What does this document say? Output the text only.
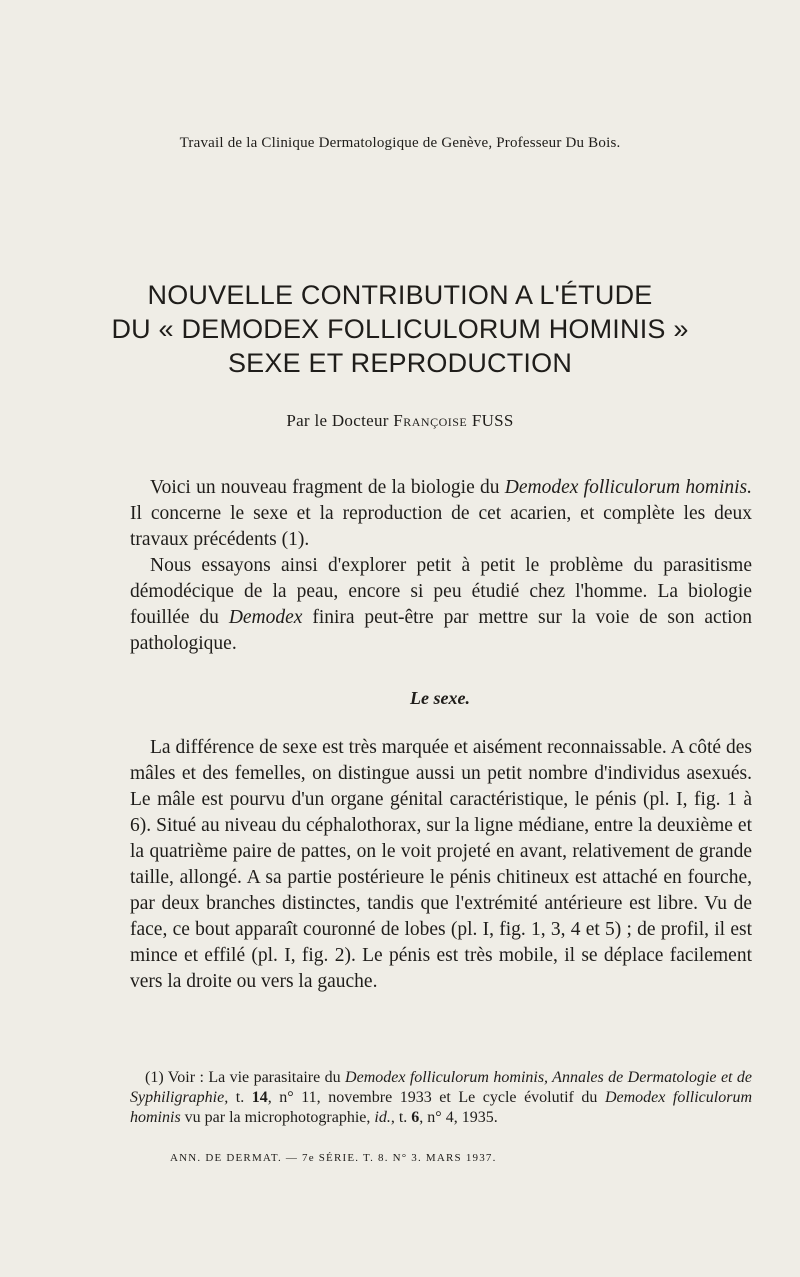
Travail de la Clinique Dermatologique de Genève, Professeur Du Bois.
NOUVELLE CONTRIBUTION A L'ÉTUDE
DU « DEMODEX FOLLICULORUM HOMINIS »
SEXE ET REPRODUCTION
Par le Docteur Françoise FUSS

Voici un nouveau fragment de la biologie du Demodex folliculorum hominis. Il concerne le sexe et la reproduction de cet acarien, et complète les deux travaux précédents (1).

Nous essayons ainsi d'explorer petit à petit le problème du parasitisme démodécique de la peau, encore si peu étudié chez l'homme. La biologie fouillée du Demodex finira peut-être par mettre sur la voie de son action pathologique.

Le sexe.

La différence de sexe est très marquée et aisément reconnaissable. A côté des mâles et des femelles, on distingue aussi un petit nombre d'individus asexués. Le mâle est pourvu d'un organe génital caractéristique, le pénis (pl. I, fig. 1 à 6). Situé au niveau du céphalothorax, sur la ligne médiane, entre la deuxième et la quatrième paire de pattes, on le voit projeté en avant, relativement de grande taille, allongé. A sa partie postérieure le pénis chitineux est attaché en fourche, par deux branches distinctes, tandis que l'extrémité antérieure est libre. Vu de face, ce bout apparaît couronné de lobes (pl. I, fig. 1, 3, 4 et 5) ; de profil, il est mince et effilé (pl. I, fig. 2). Le pénis est très mobile, il se déplace facilement vers la droite ou vers la gauche.

(1) Voir : La vie parasitaire du Demodex folliculorum hominis, Annales de Dermatologie et de Syphiligraphie, t. 14, n° 11, novembre 1933 et Le cycle évolutif du Demodex folliculorum hominis vu par la microphotographie, id., t. 6, n° 4, 1935.

ANN. DE DERMAT. — 7e SÉRIE. T. 8. N° 3. MARS 1937.
